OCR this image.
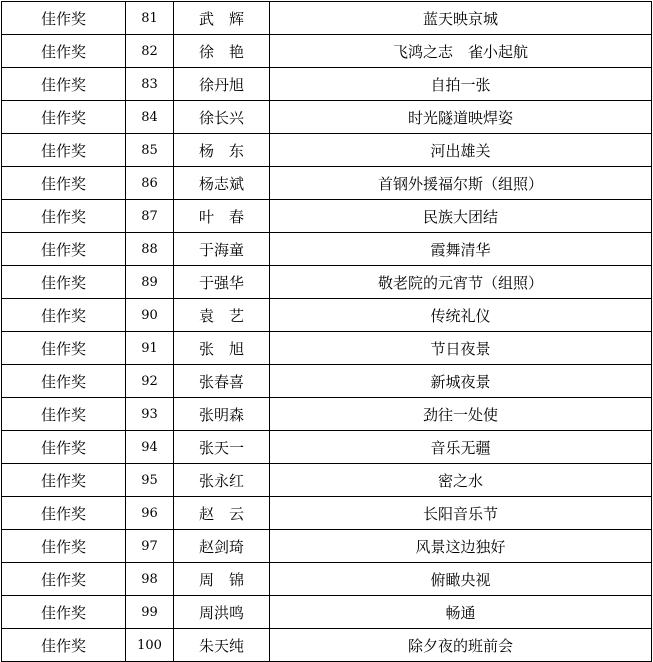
佳作奖	81	武　辉	蓝天映京城
佳作奖	82	徐　艳	飞鸿之志　雀小起航
佳作奖	83	徐丹旭	自拍一张
佳作奖	84	徐长兴	时光隧道映焊姿
佳作奖	85	杨　东	河出雄关
佳作奖	86	杨志斌	首钢外援福尔斯（组照）
佳作奖	87	叶　春	民族大团结
佳作奖	88	于海童	霞舞清华
佳作奖	89	于强华	敬老院的元宵节（组照）
佳作奖	90	袁　艺	传统礼仪
佳作奖	91	张　旭	节日夜景
佳作奖	92	张春喜	新城夜景
佳作奖	93	张明森	劲往一处使
佳作奖	94	张天一	音乐无疆
佳作奖	95	张永红	密之水
佳作奖	96	赵　云	长阳音乐节
佳作奖	97	赵剑琦	风景这边独好
佳作奖	98	周　锦	俯瞰央视
佳作奖	99	周洪鸣	畅通
佳作奖	100	朱天纯	除夕夜的班前会
